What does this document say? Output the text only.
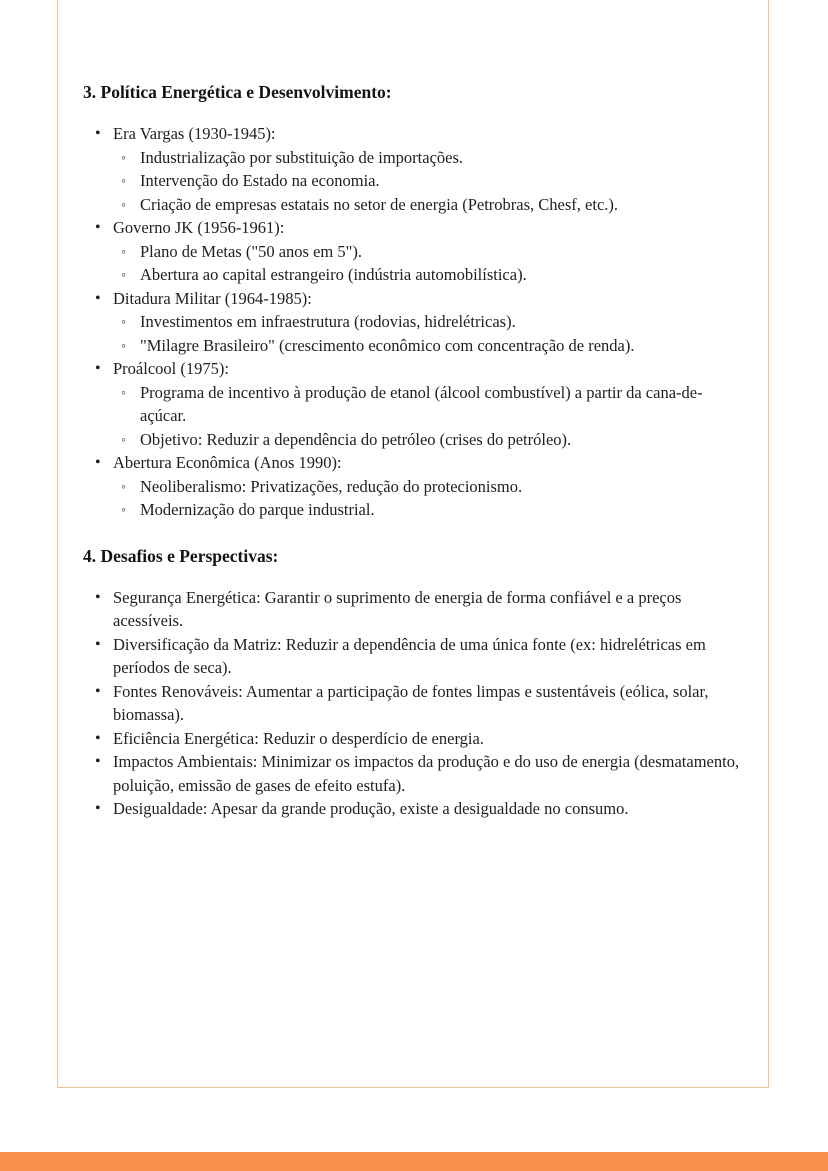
3. Política Energética e Desenvolvimento:
• Era Vargas (1930-1945):
◦ Industrialização por substituição de importações.
◦ Intervenção do Estado na economia.
◦ Criação de empresas estatais no setor de energia (Petrobras, Chesf, etc.).
• Governo JK (1956-1961):
◦ Plano de Metas ("50 anos em 5").
◦ Abertura ao capital estrangeiro (indústria automobilística).
• Ditadura Militar (1964-1985):
◦ Investimentos em infraestrutura (rodovias, hidrelétricas).
◦ "Milagre Brasileiro" (crescimento econômico com concentração de renda).
• Proálcool (1975):
◦ Programa de incentivo à produção de etanol (álcool combustível) a partir da cana-de-açúcar.
◦ Objetivo: Reduzir a dependência do petróleo (crises do petróleo).
• Abertura Econômica (Anos 1990):
◦ Neoliberalismo: Privatizações, redução do protecionismo.
◦ Modernização do parque industrial.
4. Desafios e Perspectivas:
• Segurança Energética: Garantir o suprimento de energia de forma confiável e a preços acessíveis.
• Diversificação da Matriz: Reduzir a dependência de uma única fonte (ex: hidrelétricas em períodos de seca).
• Fontes Renováveis: Aumentar a participação de fontes limpas e sustentáveis (eólica, solar, biomassa).
• Eficiência Energética: Reduzir o desperdício de energia.
• Impactos Ambientais: Minimizar os impactos da produção e do uso de energia (desmatamento, poluição, emissão de gases de efeito estufa).
• Desigualdade: Apesar da grande produção, existe a desigualdade no consumo.
